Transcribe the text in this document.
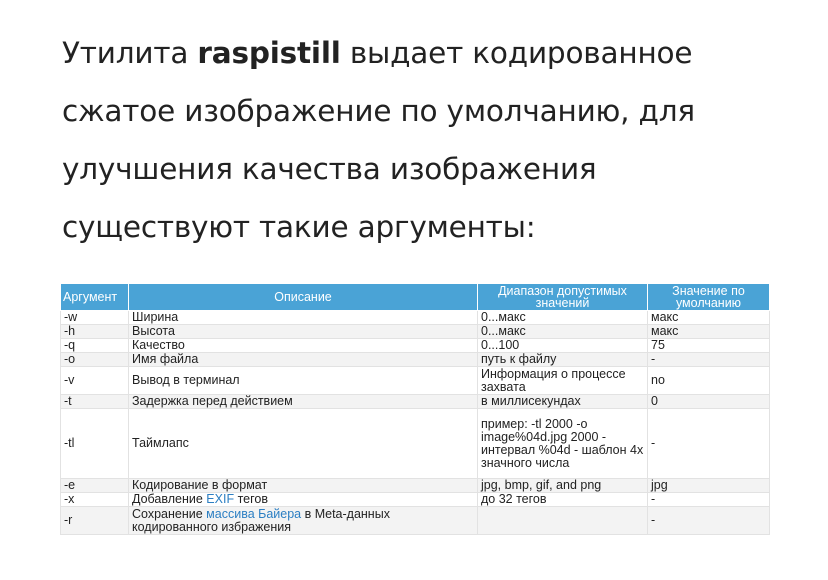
Утилита raspistill выдает кодированное сжатое изображение по умолчанию, для улучшения качества изображения существуют такие аргументы:

Аргумент	Описание	Диапазон допустимых значений	Значение по умолчанию
-w	Ширина	0...макс	макс
-h	Высота	0...макс	макс
-q	Качество	0...100	75
-o	Имя файла	путь к файлу	-
-v	Вывод в терминал	Информация о процессе захвата	no
-t	Задержка перед действием	в миллисекундах	0
-tl	Таймлапс	пример: -tl 2000 -o image%04d.jpg 2000 - интервал %04d - шаблон 4х значного числа	-
-e	Кодирование в формат	jpg, bmp, gif, and png	jpg
-x	Добавление EXIF тегов	до 32 тегов	-
-r	Сохранение массива Байера в Meta-данных кодированного избражения		-
